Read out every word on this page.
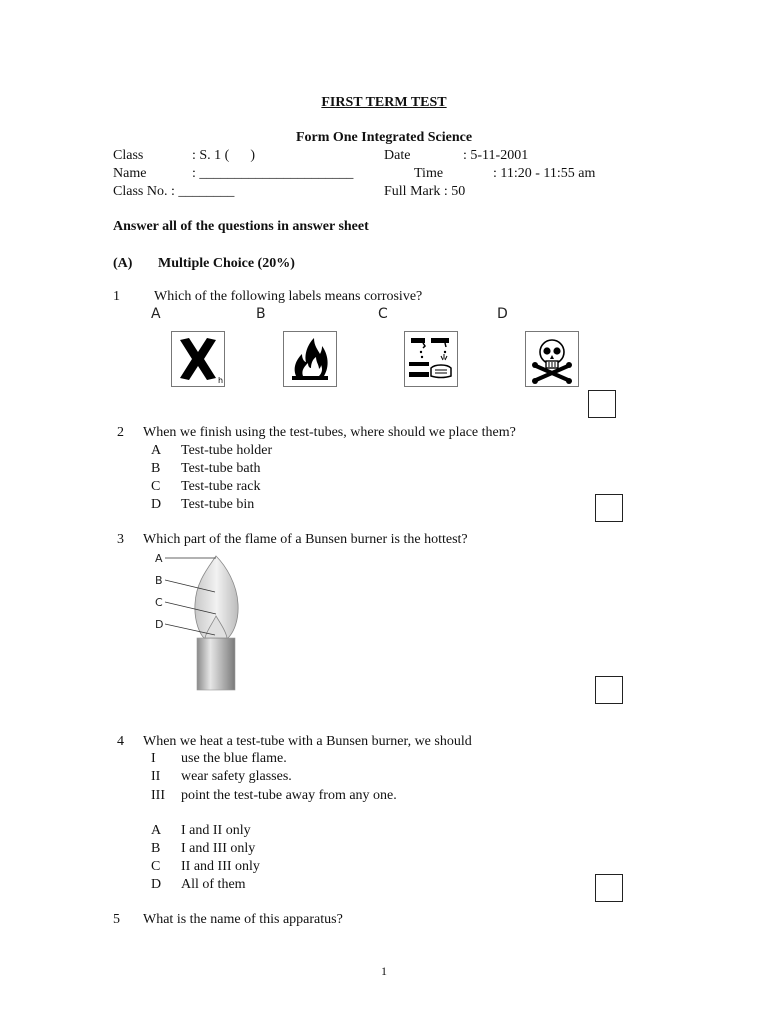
FIRST TERM TEST
Form One Integrated Science
Class	: S. 1 (      )	Date	: 5-11-2001
Name	: ______________________	Time	: 11:20 - 11:55 am
Class No. : ________	Full Mark : 50
Answer all of the questions in answer sheet
(A) Multiple Choice (20%)
1 Which of the following labels means corrosive?
A	B	C	D
h
2 When we finish using the test-tubes, where should we place them?
A Test-tube holder
B Test-tube bath
C Test-tube rack
D Test-tube bin
3 Which part of the flame of a Bunsen burner is the hottest?
A
B
C
D
4 When we heat a test-tube with a Bunsen burner, we should
I use the blue flame.
II wear safety glasses.
III point the test-tube away from any one.
A I and II only
B I and III only
C II and III only
D All of them
5 What is the name of this apparatus?
1
